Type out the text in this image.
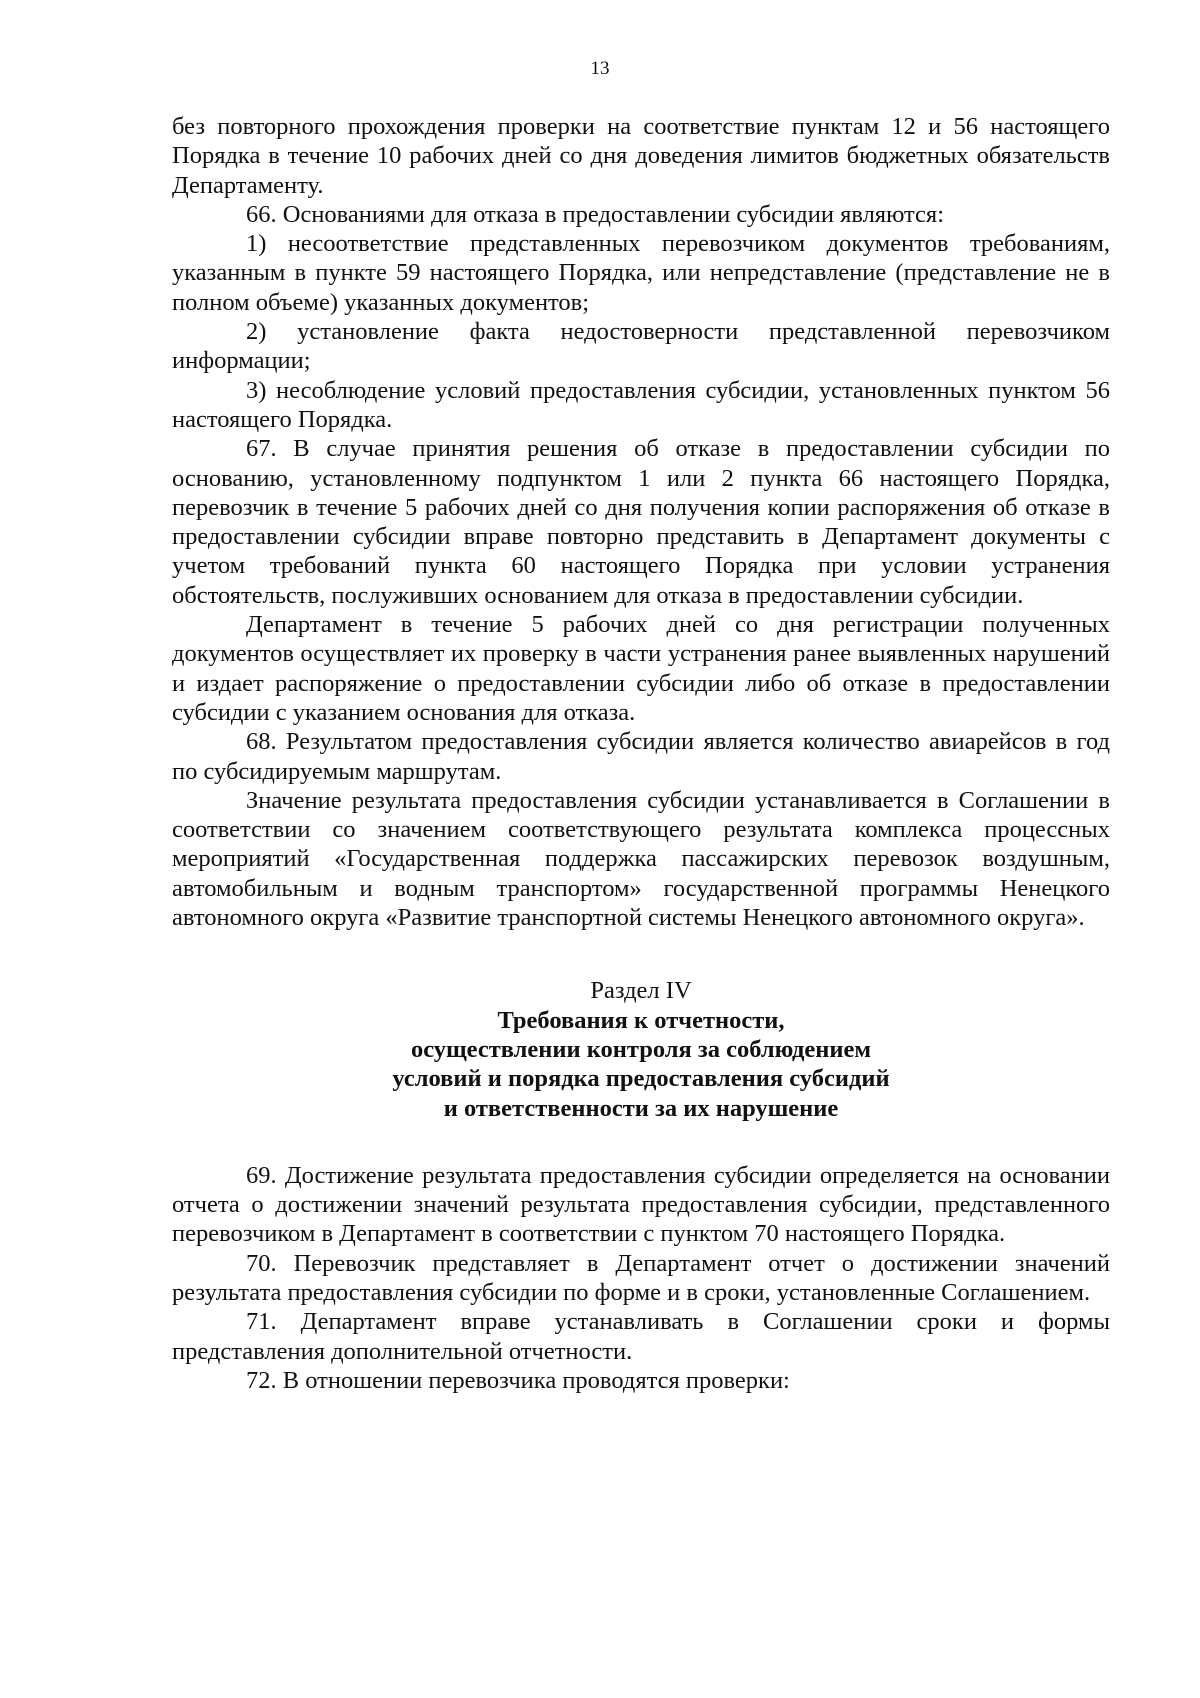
13

без повторного прохождения проверки на соответствие пунктам 12 и 56 настоящего Порядка в течение 10 рабочих дней со дня доведения лимитов бюджетных обязательств Департаменту.

66. Основаниями для отказа в предоставлении субсидии являются:

1) несоответствие представленных перевозчиком документов требованиям, указанным в пункте 59 настоящего Порядка, или непредставление (представление не в полном объеме) указанных документов;

2) установление факта недостоверности представленной перевозчиком информации;

3) несоблюдение условий предоставления субсидии, установленных пунктом 56 настоящего Порядка.

67. В случае принятия решения об отказе в предоставлении субсидии по основанию, установленному подпунктом 1 или 2 пункта 66 настоящего Порядка, перевозчик в течение 5 рабочих дней со дня получения копии распоряжения об отказе в предоставлении субсидии вправе повторно представить в Департамент документы с учетом требований пункта 60 настоящего Порядка при условии устранения обстоятельств, послуживших основанием для отказа в предоставлении субсидии.

Департамент в течение 5 рабочих дней со дня регистрации полученных документов осуществляет их проверку в части устранения ранее выявленных нарушений и издает распоряжение о предоставлении субсидии либо об отказе в предоставлении субсидии с указанием основания для отказа.

68. Результатом предоставления субсидии является количество авиарейсов в год по субсидируемым маршрутам.

Значение результата предоставления субсидии устанавливается в Соглашении в соответствии со значением соответствующего результата комплекса процессных мероприятий «Государственная поддержка пассажирских перевозок воздушным, автомобильным и водным транспортом» государственной программы Ненецкого автономного округа «Развитие транспортной системы Ненецкого автономного округа».

Раздел IV
Требования к отчетности,
осуществлении контроля за соблюдением
условий и порядка предоставления субсидий
и ответственности за их нарушение

69. Достижение результата предоставления субсидии определяется на основании отчета о достижении значений результата предоставления субсидии, представленного перевозчиком в Департамент в соответствии с пунктом 70 настоящего Порядка.

70. Перевозчик представляет в Департамент отчет о достижении значений результата предоставления субсидии по форме и в сроки, установленные Соглашением.

71. Департамент вправе устанавливать в Соглашении сроки и формы представления дополнительной отчетности.

72. В отношении перевозчика проводятся проверки:
